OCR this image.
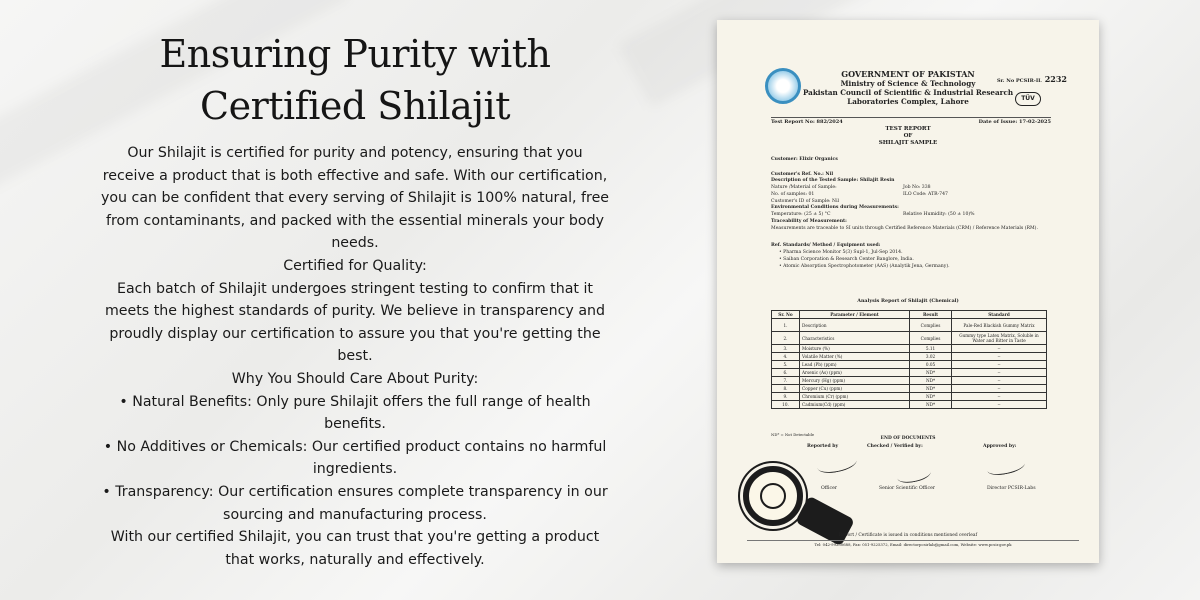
Ensuring Purity with Certified Shilajit

Our Shilajit is certified for purity and potency, ensuring that you receive a product that is both effective and safe. With our certification, you can be confident that every serving of Shilajit is 100% natural, free from contaminants, and packed with the essential minerals your body needs.

Certified for Quality:

Each batch of Shilajit undergoes stringent testing to confirm that it meets the highest standards of purity. We believe in transparency and proudly display our certification to assure you that you're getting the best.

Why You Should Care About Purity:

• Natural Benefits: Only pure Shilajit offers the full range of health benefits.

• No Additives or Chemicals: Our certified product contains no harmful ingredients.

• Transparency: Our certification ensures complete transparency in our sourcing and manufacturing process.

With our certified Shilajit, you can trust that you're getting a product that works, naturally and effectively.

GOVERNMENT OF PAKISTAN
Ministry of Science & Technology
Pakistan Council of Scientific & Industrial Research
Laboratories Complex, Lahore
Sr. No PCSIR-IL 2232
TÜV
Test Report No: 882/2024	Date of Issue: 17-02-2025
TEST REPORT
OF
SHILAJIT SAMPLE
Customer: Elixir Organics
Customer's Ref. No.: Nil
Description of the Tested Sample: Shilajit Resin
Nature /Material of Sample:	Job No: 338
No. of samples: 01	ILO Code: ATR-747
Customer's ID of Sample: Nil
Environmental Conditions during Measurements:
Temperature: (25 ± 5) °C	Relative Humidity: (50 ± 10)%
Traceability of Measurement:
Measurements are traceable to SI units through Certified Reference Materials (CRM) / Reference Materials (RM).
Ref. Standards/ Method / Equipment used:
• Pharma Science Monitor 5(3) Supl-1, Jul-Sep 2014.
• Saiban Corporation & Research Center Banglore, India.
• Atomic Absorption Spectrophotometer (AAS) (Analytik Jena, Germany).
Analysis Report of Shilajit (Chemical)
Sr. No	Parameter / Element	Result	Standard
1.	Description	Complies	Pale-Red Blackish Gummy Matrix
2.	Characteristics	Complies	Gummy type Latex Matrix, Soluble in Water and Bitter in Taste
3.	Moisture (%)	5.11	--
4.	Volatile Matter (%)	3.02	--
5.	Lead (Pb) (ppm)	0.05	--
6.	Arsenic (As) (ppm)	ND*	--
7.	Mercury (Hg) (ppm)	ND*	--
8.	Copper (Cu) (ppm)	ND*	--
9.	Chromium (Cr) (ppm)	ND*	--
10.	Cadmium(Cd) (ppm)	ND*	--
ND* = Not Detectable
END OF DOCUMENTS
Reported by	Checked / Verified by:	Approved by:
Officer	Senior Scientific Officer	Director PCSIR-Labs
Report / Certificate is issued in conditions mentioned overleaf
Tel: 042-99230688, Fax: 051-9225372, Email: directorpcsirlab@gmail.com, Website: www.pcsir.gov.pk
